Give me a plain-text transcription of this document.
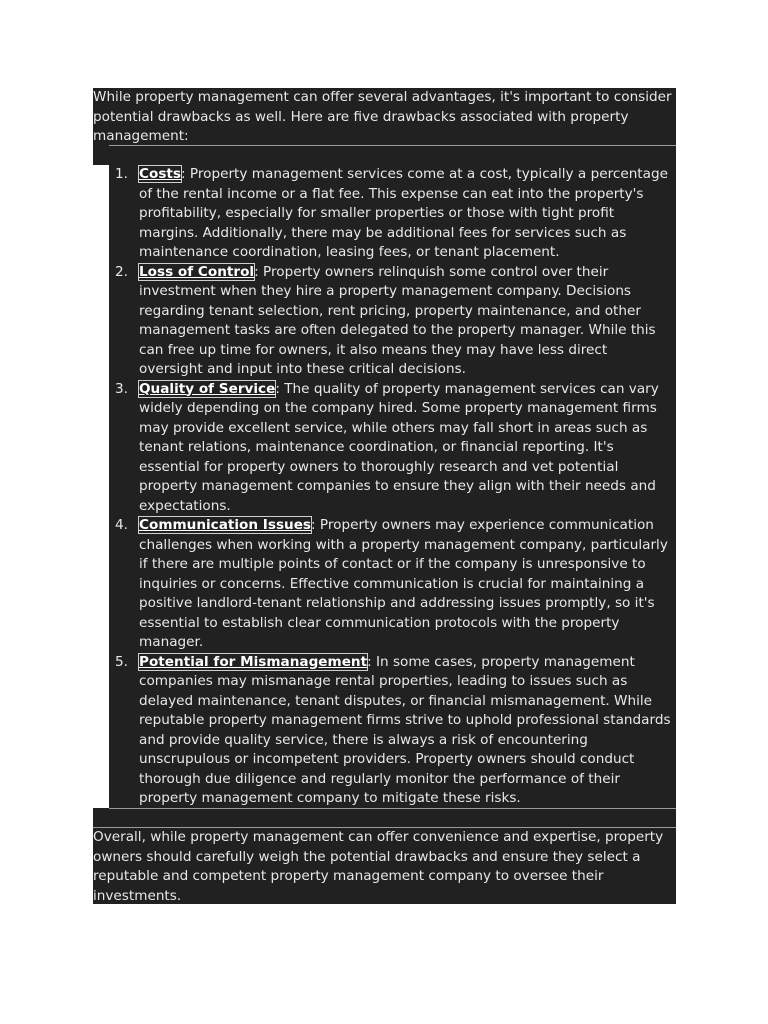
While property management can offer several advantages, it's important to consider potential drawbacks as well. Here are five drawbacks associated with property management:

1. Costs: Property management services come at a cost, typically a percentage of the rental income or a flat fee. This expense can eat into the property's profitability, especially for smaller properties or those with tight profit margins. Additionally, there may be additional fees for services such as maintenance coordination, leasing fees, or tenant placement.
2. Loss of Control: Property owners relinquish some control over their investment when they hire a property management company. Decisions regarding tenant selection, rent pricing, property maintenance, and other management tasks are often delegated to the property manager. While this can free up time for owners, it also means they may have less direct oversight and input into these critical decisions.
3. Quality of Service: The quality of property management services can vary widely depending on the company hired. Some property management firms may provide excellent service, while others may fall short in areas such as tenant relations, maintenance coordination, or financial reporting. It's essential for property owners to thoroughly research and vet potential property management companies to ensure they align with their needs and expectations.
4. Communication Issues: Property owners may experience communication challenges when working with a property management company, particularly if there are multiple points of contact or if the company is unresponsive to inquiries or concerns. Effective communication is crucial for maintaining a positive landlord-tenant relationship and addressing issues promptly, so it's essential to establish clear communication protocols with the property manager.
5. Potential for Mismanagement: In some cases, property management companies may mismanage rental properties, leading to issues such as delayed maintenance, tenant disputes, or financial mismanagement. While reputable property management firms strive to uphold professional standards and provide quality service, there is always a risk of encountering unscrupulous or incompetent providers. Property owners should conduct thorough due diligence and regularly monitor the performance of their property management company to mitigate these risks.

Overall, while property management can offer convenience and expertise, property owners should carefully weigh the potential drawbacks and ensure they select a reputable and competent property management company to oversee their investments.
